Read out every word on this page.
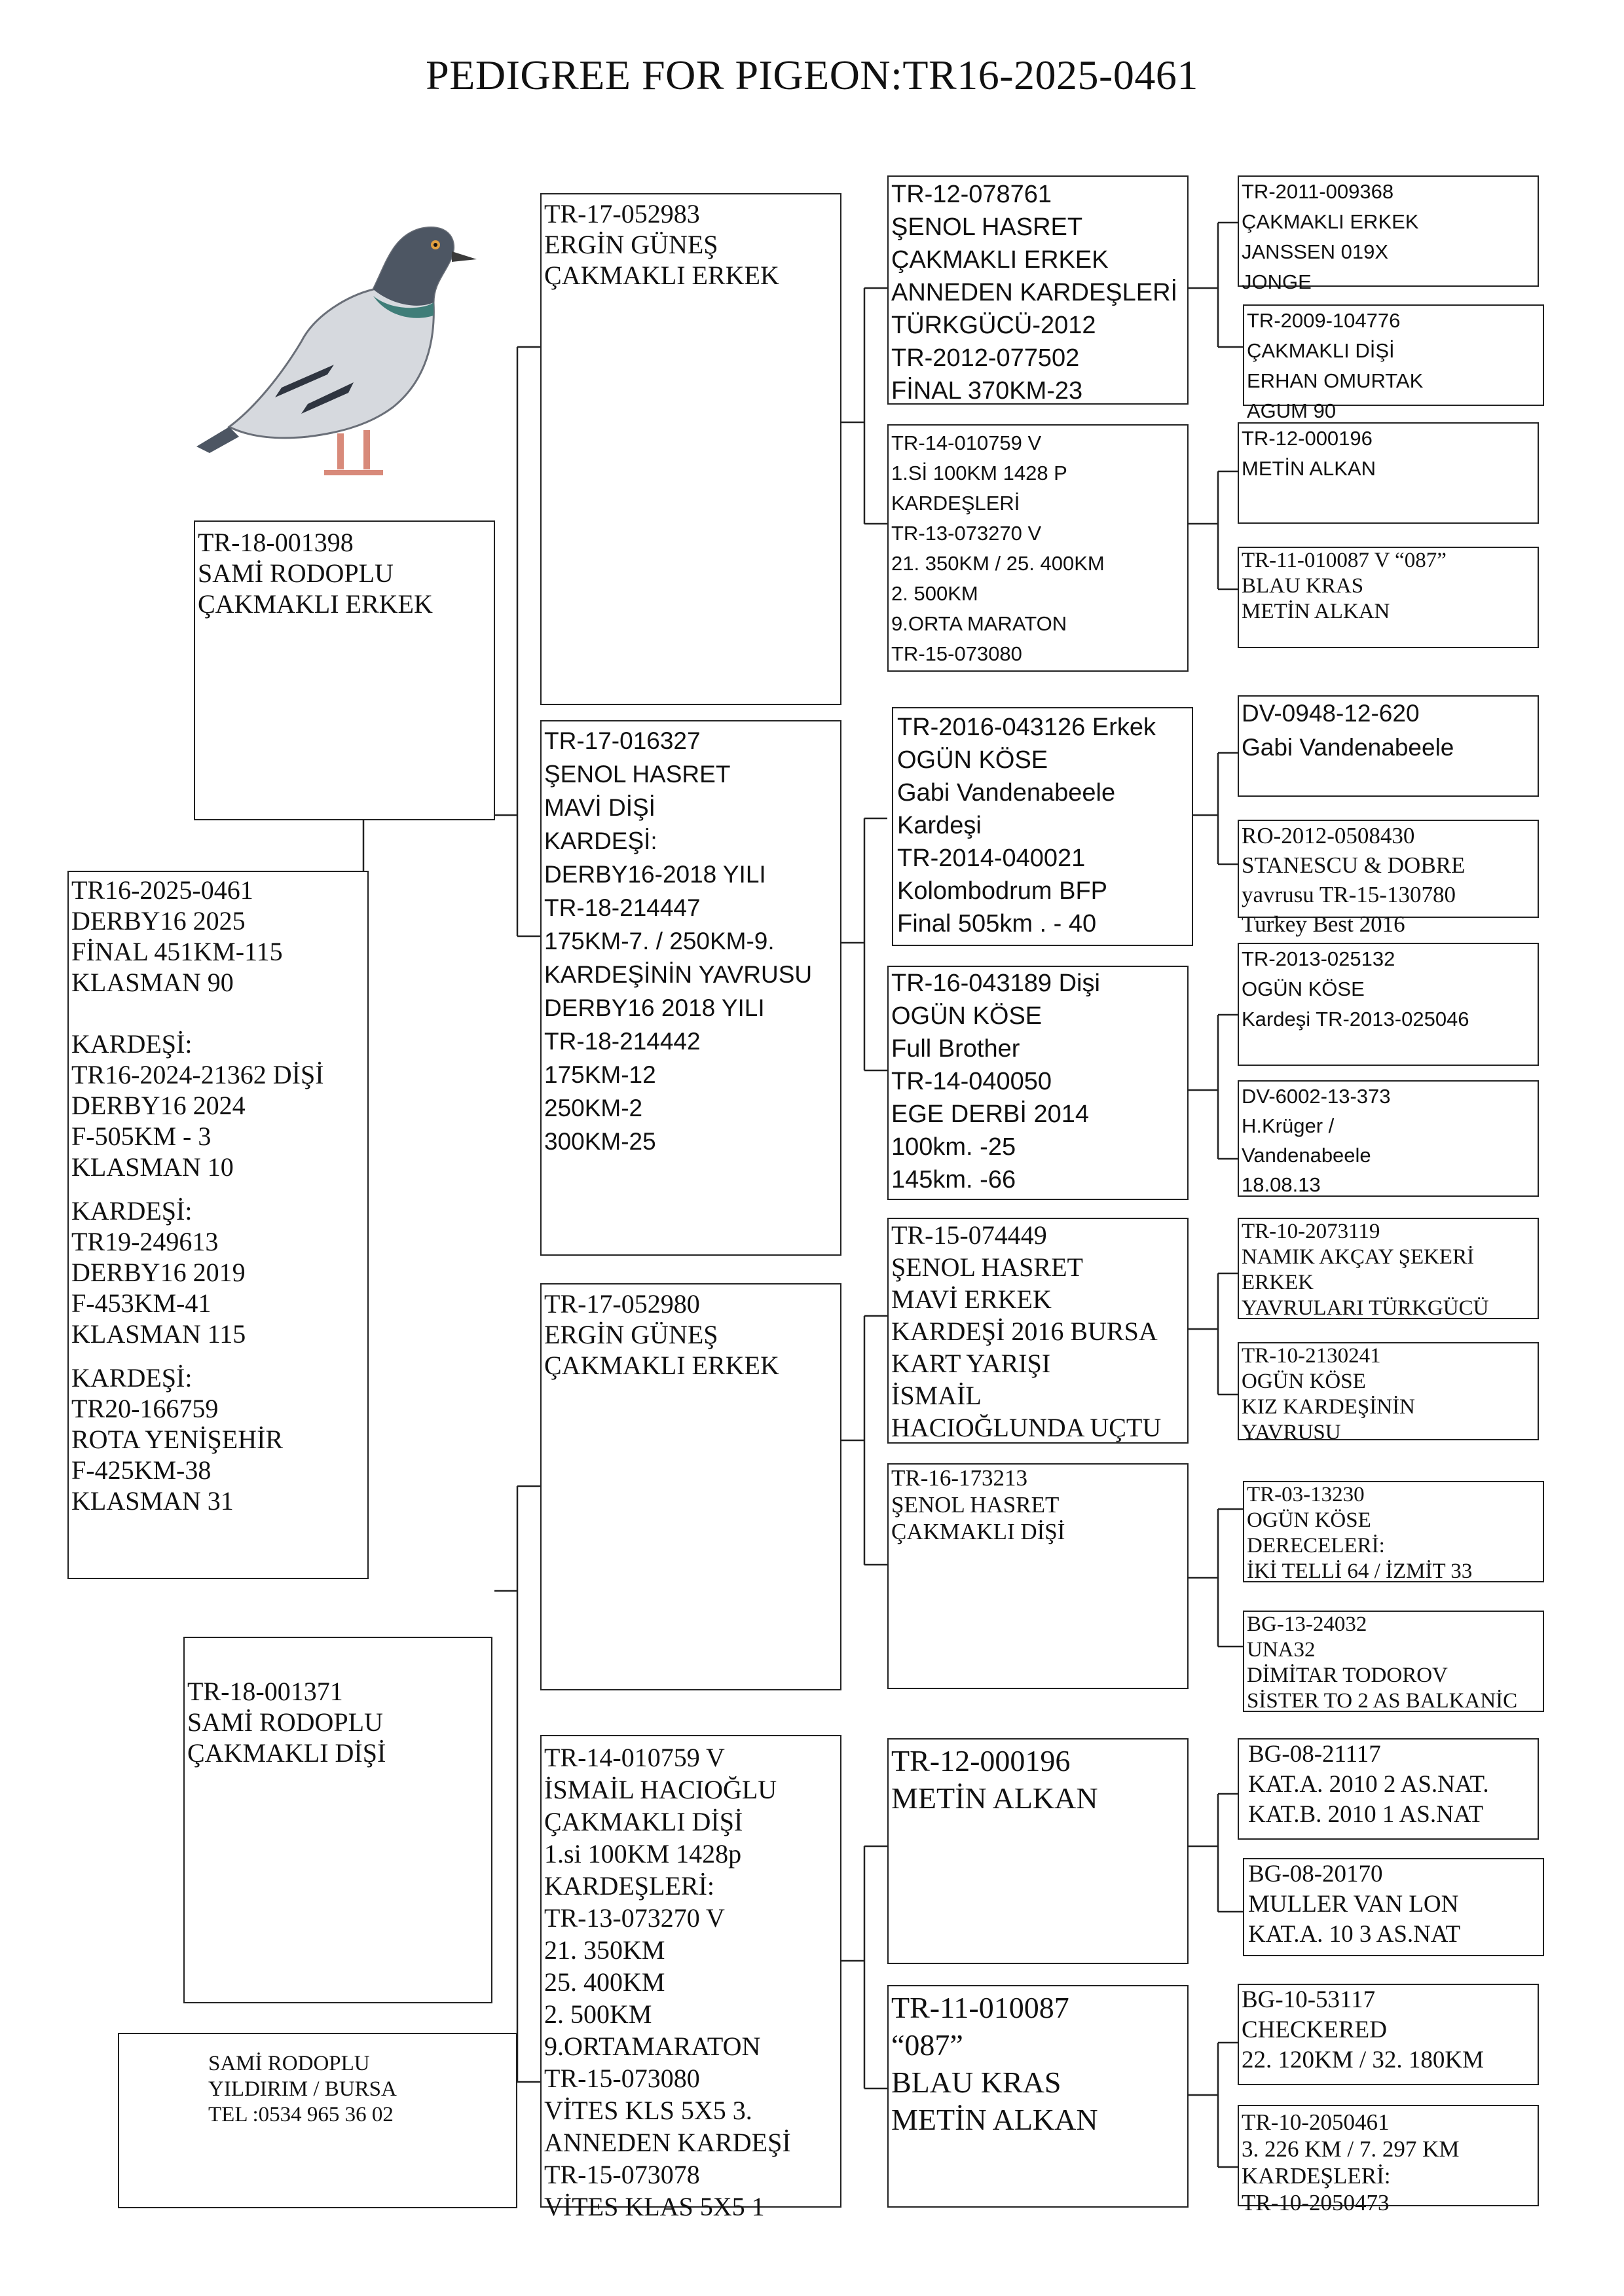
PEDIGREE FOR PIGEON:TR16-2025-0461
TR16-2025-0461
DERBY16 2025
FİNAL 451KM-115
KLASMAN 90
KARDEŞİ:
TR16-2024-21362 DİŞİ
DERBY16 2024
F-505KM - 3
KLASMAN 10
KARDEŞİ:
TR19-249613
DERBY16 2019
F-453KM-41
KLASMAN 115
KARDEŞİ:
TR20-166759
ROTA YENİŞEHİR
F-425KM-38
KLASMAN 31
TR-18-001398
SAMİ RODOPLU
ÇAKMAKLI ERKEK
TR-18-001371
SAMİ RODOPLU
ÇAKMAKLI DİŞİ
SAMİ RODOPLU
YILDIRIM / BURSA
TEL :0534 965 36 02
TR-17-052983
ERGİN GÜNEŞ
ÇAKMAKLI ERKEK
TR-17-016327
ŞENOL HASRET
MAVİ DİŞİ
KARDEŞİ:
DERBY16-2018 YILI
TR-18-214447
175KM-7. / 250KM-9.
KARDEŞİNİN YAVRUSU
DERBY16 2018 YILI
TR-18-214442
175KM-12
250KM-2
300KM-25
TR-17-052980
ERGİN GÜNEŞ
ÇAKMAKLI ERKEK
TR-14-010759 V
İSMAİL HACIOĞLU
ÇAKMAKLI DİŞİ
1.si 100KM 1428p
KARDEŞLERİ:
TR-13-073270 V
21. 350KM
25. 400KM
2. 500KM
9.ORTAMARATON
TR-15-073080
VİTES KLS 5X5 3.
ANNEDEN KARDEŞİ
TR-15-073078
VİTES KLAS 5X5 1
TR-12-078761
ŞENOL HASRET
ÇAKMAKLI ERKEK
ANNEDEN KARDEŞLERİ
TÜRKGÜCÜ-2012
TR-2012-077502
FİNAL 370KM-23
TR-14-010759 V
1.Sİ 100KM 1428 P
KARDEŞLERİ
TR-13-073270 V
21. 350KM / 25. 400KM
2. 500KM
9.ORTA MARATON
TR-15-073080
TR-2016-043126 Erkek
OGÜN KÖSE
Gabi Vandenabeele
Kardeşi
TR-2014-040021
Kolombodrum BFP
Final 505km . - 40
TR-16-043189 Dişi
OGÜN KÖSE
Full Brother
TR-14-040050
EGE DERBİ 2014
100km. -25
145km. -66
TR-15-074449
ŞENOL HASRET
MAVİ ERKEK
KARDEŞİ 2016 BURSA
KART YARIŞI
İSMAİL
HACIOĞLUNDA UÇTU
TR-16-173213
ŞENOL HASRET
ÇAKMAKLI DİŞİ
TR-12-000196
METİN ALKAN
TR-11-010087
“087”
BLAU KRAS
METİN ALKAN
TR-2011-009368
ÇAKMAKLI ERKEK
JANSSEN 019X
JONGE
TR-2009-104776
ÇAKMAKLI DİŞİ
ERHAN OMURTAK
AGUM 90
TR-12-000196
METİN ALKAN
TR-11-010087 V “087”
BLAU KRAS
METİN ALKAN
DV-0948-12-620
Gabi Vandenabeele
RO-2012-0508430
STANESCU & DOBRE
yavrusu TR-15-130780
Turkey Best 2016
TR-2013-025132
OGÜN KÖSE
Kardeşi TR-2013-025046
DV-6002-13-373
H.Krüger /
Vandenabeele
18.08.13
TR-10-2073119
NAMIK AKÇAY ŞEKERİ
ERKEK
YAVRULARI TÜRKGÜCÜ
TR-10-2130241
OGÜN KÖSE
KIZ KARDEŞİNİN
YAVRUSU
TR-03-13230
OGÜN KÖSE
DERECELERİ:
İKİ TELLİ 64 / İZMİT 33
BG-13-24032
UNA32
DİMİTAR TODOROV
SİSTER TO 2 AS BALKANİC
BG-08-21117
KAT.A. 2010 2 AS.NAT.
KAT.B. 2010 1 AS.NAT
BG-08-20170
MULLER VAN LON
KAT.A. 10 3 AS.NAT
BG-10-53117
CHECKERED
22. 120KM / 32. 180KM
TR-10-2050461
3. 226 KM / 7. 297 KM
KARDEŞLERİ:
TR-10-2050473
